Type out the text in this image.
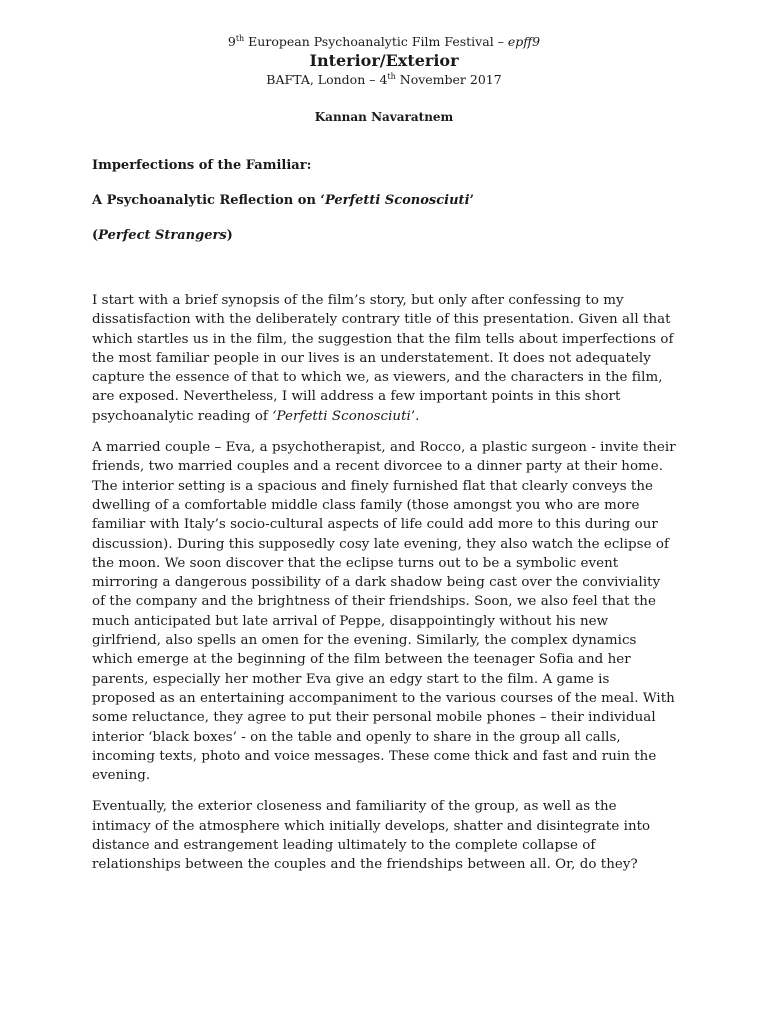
9th European Psychoanalytic Film Festival – epff9
Interior/Exterior
BAFTA, London – 4th November 2017
Kannan Navaratnem
Imperfections of the Familiar:
A Psychoanalytic Reflection on ‘Perfetti Sconosciuti’
(Perfect Strangers)

I start with a brief synopsis of the film’s story, but only after confessing to my dissatisfaction with the deliberately contrary title of this presentation. Given all that which startles us in the film, the suggestion that the film tells about imperfections of the most familiar people in our lives is an understatement. It does not adequately capture the essence of that to which we, as viewers, and the characters in the film, are exposed. Nevertheless, I will address a few important points in this short psychoanalytic reading of ‘Perfetti Sconosciuti’.

A married couple – Eva, a psychotherapist, and Rocco, a plastic surgeon - invite their friends, two married couples and a recent divorcee to a dinner party at their home. The interior setting is a spacious and finely furnished flat that clearly conveys the dwelling of a comfortable middle class family (those amongst you who are more familiar with Italy’s socio-cultural aspects of life could add more to this during our discussion). During this supposedly cosy late evening, they also watch the eclipse of the moon. We soon discover that the eclipse turns out to be a symbolic event mirroring a dangerous possibility of a dark shadow being cast over the conviviality of the company and the brightness of their friendships. Soon, we also feel that the much anticipated but late arrival of Peppe, disappointingly without his new girlfriend, also spells an omen for the evening. Similarly, the complex dynamics which emerge at the beginning of the film between the teenager Sofia and her parents, especially her mother Eva give an edgy start to the film. A game is proposed as an entertaining accompaniment to the various courses of the meal. With some reluctance, they agree to put their personal mobile phones – their individual interior ‘black boxes’ - on the table and openly to share in the group all calls, incoming texts, photo and voice messages. These come thick and fast and ruin the evening.

Eventually, the exterior closeness and familiarity of the group, as well as the intimacy of the atmosphere which initially develops, shatter and disintegrate into distance and estrangement leading ultimately to the complete collapse of relationships between the couples and the friendships between all. Or, do they?
